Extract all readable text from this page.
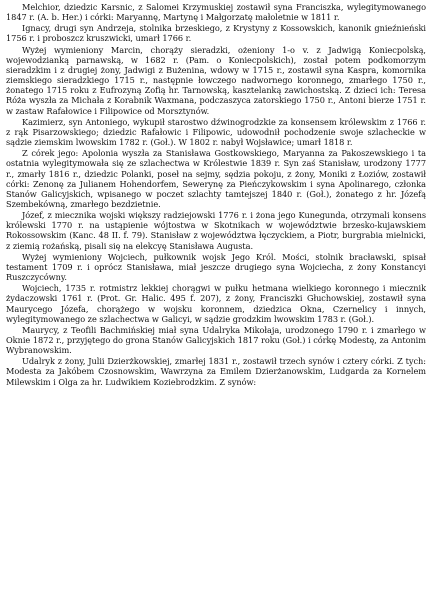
Melchior, dziedzic Karsnic, z Salomei Krzymuskiej zostawił syna Franciszka, wylegitymowanego 1847 r. (A. b. Her.) i córki: Maryannę, Martynę i Małgorzatę małoletnie w 1811 r.

Ignacy, drugi syn Andrzeja, stolnika brzeskiego, z Krystyny z Kossowskich, kanonik gnieźnieński 1756 r. i proboszcz kruszwicki, umarł 1766 r.

Wyżej wymieniony Marcin, chorąży sieradzki, ożeniony 1-o v. z Jadwigą Koniecpolską, wojewodzianką parnawską, w 1682 r. (Pam. o Koniecpolskich), został potem podkomorzym sieradzkim i z drugiej żony, Jadwigi z Bużenina, wdowy w 1715 r., zostawił syna Kaspra, komornika ziemskiego sieradzkiego 1715 r., następnie łowczego nadwornego koronnego, zmarłego 1750 r., żonatego 1715 roku z Eufrozyną Zofią hr. Tarnowską, kasztelanką zawichostską. Z dzieci ich: Teresa Róża wyszła za Michała z Korabnik Waxmana, podczaszyca zatorskiego 1750 r., Antoni bierze 1751 r. w zastaw Rafałowice i Filipowice od Morsztynów.

Kazimierz, syn Antoniego, wykupił starostwo dźwinogrodzkie za konsensem królewskim z 1766 r. z rąk Pisarzowskiego; dziedzic Rafałowic i Filipowic, udowodnił pochodzenie swoje szlacheckie w sądzie ziemskim lwowskim 1782 r. (Goł.). W 1802 r. nabył Wojsławice; umarł 1818 r.

Z córek jego: Apolonia wyszła za Stanisława Gostkowskiego, Maryanna za Pakoszewskiego i ta ostatnia wylegitymowała się ze szlachectwa w Królestwie 1839 r. Syn zaś Stanisław, urodzony 1777 r., zmarły 1816 r., dziedzic Polanki, poseł na sejmy, sędzia pokoju, z żony, Moniki z Łoziów, zostawił córki: Zenonę za Julianem Hohendorfem, Sewerynę za Pieńczykowskim i syna Apolinarego, członka Stanów Galicyjskich, wpisanego w poczet szlachty tamtejszej 1840 r. (Goł.), żonatego z hr. Józefą Szembekówną, zmarłego bezdzietnie.

Józef, z miecznika wojski większy radziejowski 1776 r. i żona jego Kunegunda, otrzymali konsens królewski 1770 r. na ustąpienie wójtostwa w Skotnikach w województwie brzesko-kujawskiem Rokossowskim (Kanc. 48 II. f. 79). Stanisław z województwa łęczyckiem, a Piotr, burgrabia mielnicki, z ziemią rożańską, pisali się na elekcyę Stanisława Augusta.

Wyżej wymieniony Wojciech, pułkownik wojsk Jego Król. Mości, stolnik bracławski, spisał testament 1709 r. i oprócz Stanisława, miał jeszcze drugiego syna Wojciecha, z żony Konstancyi Ruszczycówny.

Wojciech, 1735 r. rotmistrz lekkiej chorągwi w pułku hetmana wielkiego koronnego i miecznik żydaczowski 1761 r. (Prot. Gr. Halic. 495 f. 207), z żony, Franciszki Głuchowskiej, zostawił syna Maurycego Józefa, chorążego w wojsku koronnem, dziedzica Okna, Czernelicy i innych, wylegitymowanego ze szlachectwa w Galicyi, w sądzie grodzkim lwowskim 1783 r. (Goł.).

Maurycy, z Teofili Bachmińskiej miał syna Udalryka Mikołaja, urodzonego 1790 r. i zmarłego w Oknie 1872 r., przyjętego do grona Stanów Galicyjskich 1817 roku (Goł.) i córkę Modestę, za Antonim Wybranowskim.

Udalryk z żony, Julii Dzierżkowskiej, zmarłej 1831 r., zostawił trzech synów i cztery córki. Z tych: Modesta za Jakóbem Czosnowskim, Wawrzyna za Emilem Dzierżanowskim, Ludgarda za Kornelem Milewskim i Olga za hr. Ludwikiem Koziebrodzkim. Z synów:
